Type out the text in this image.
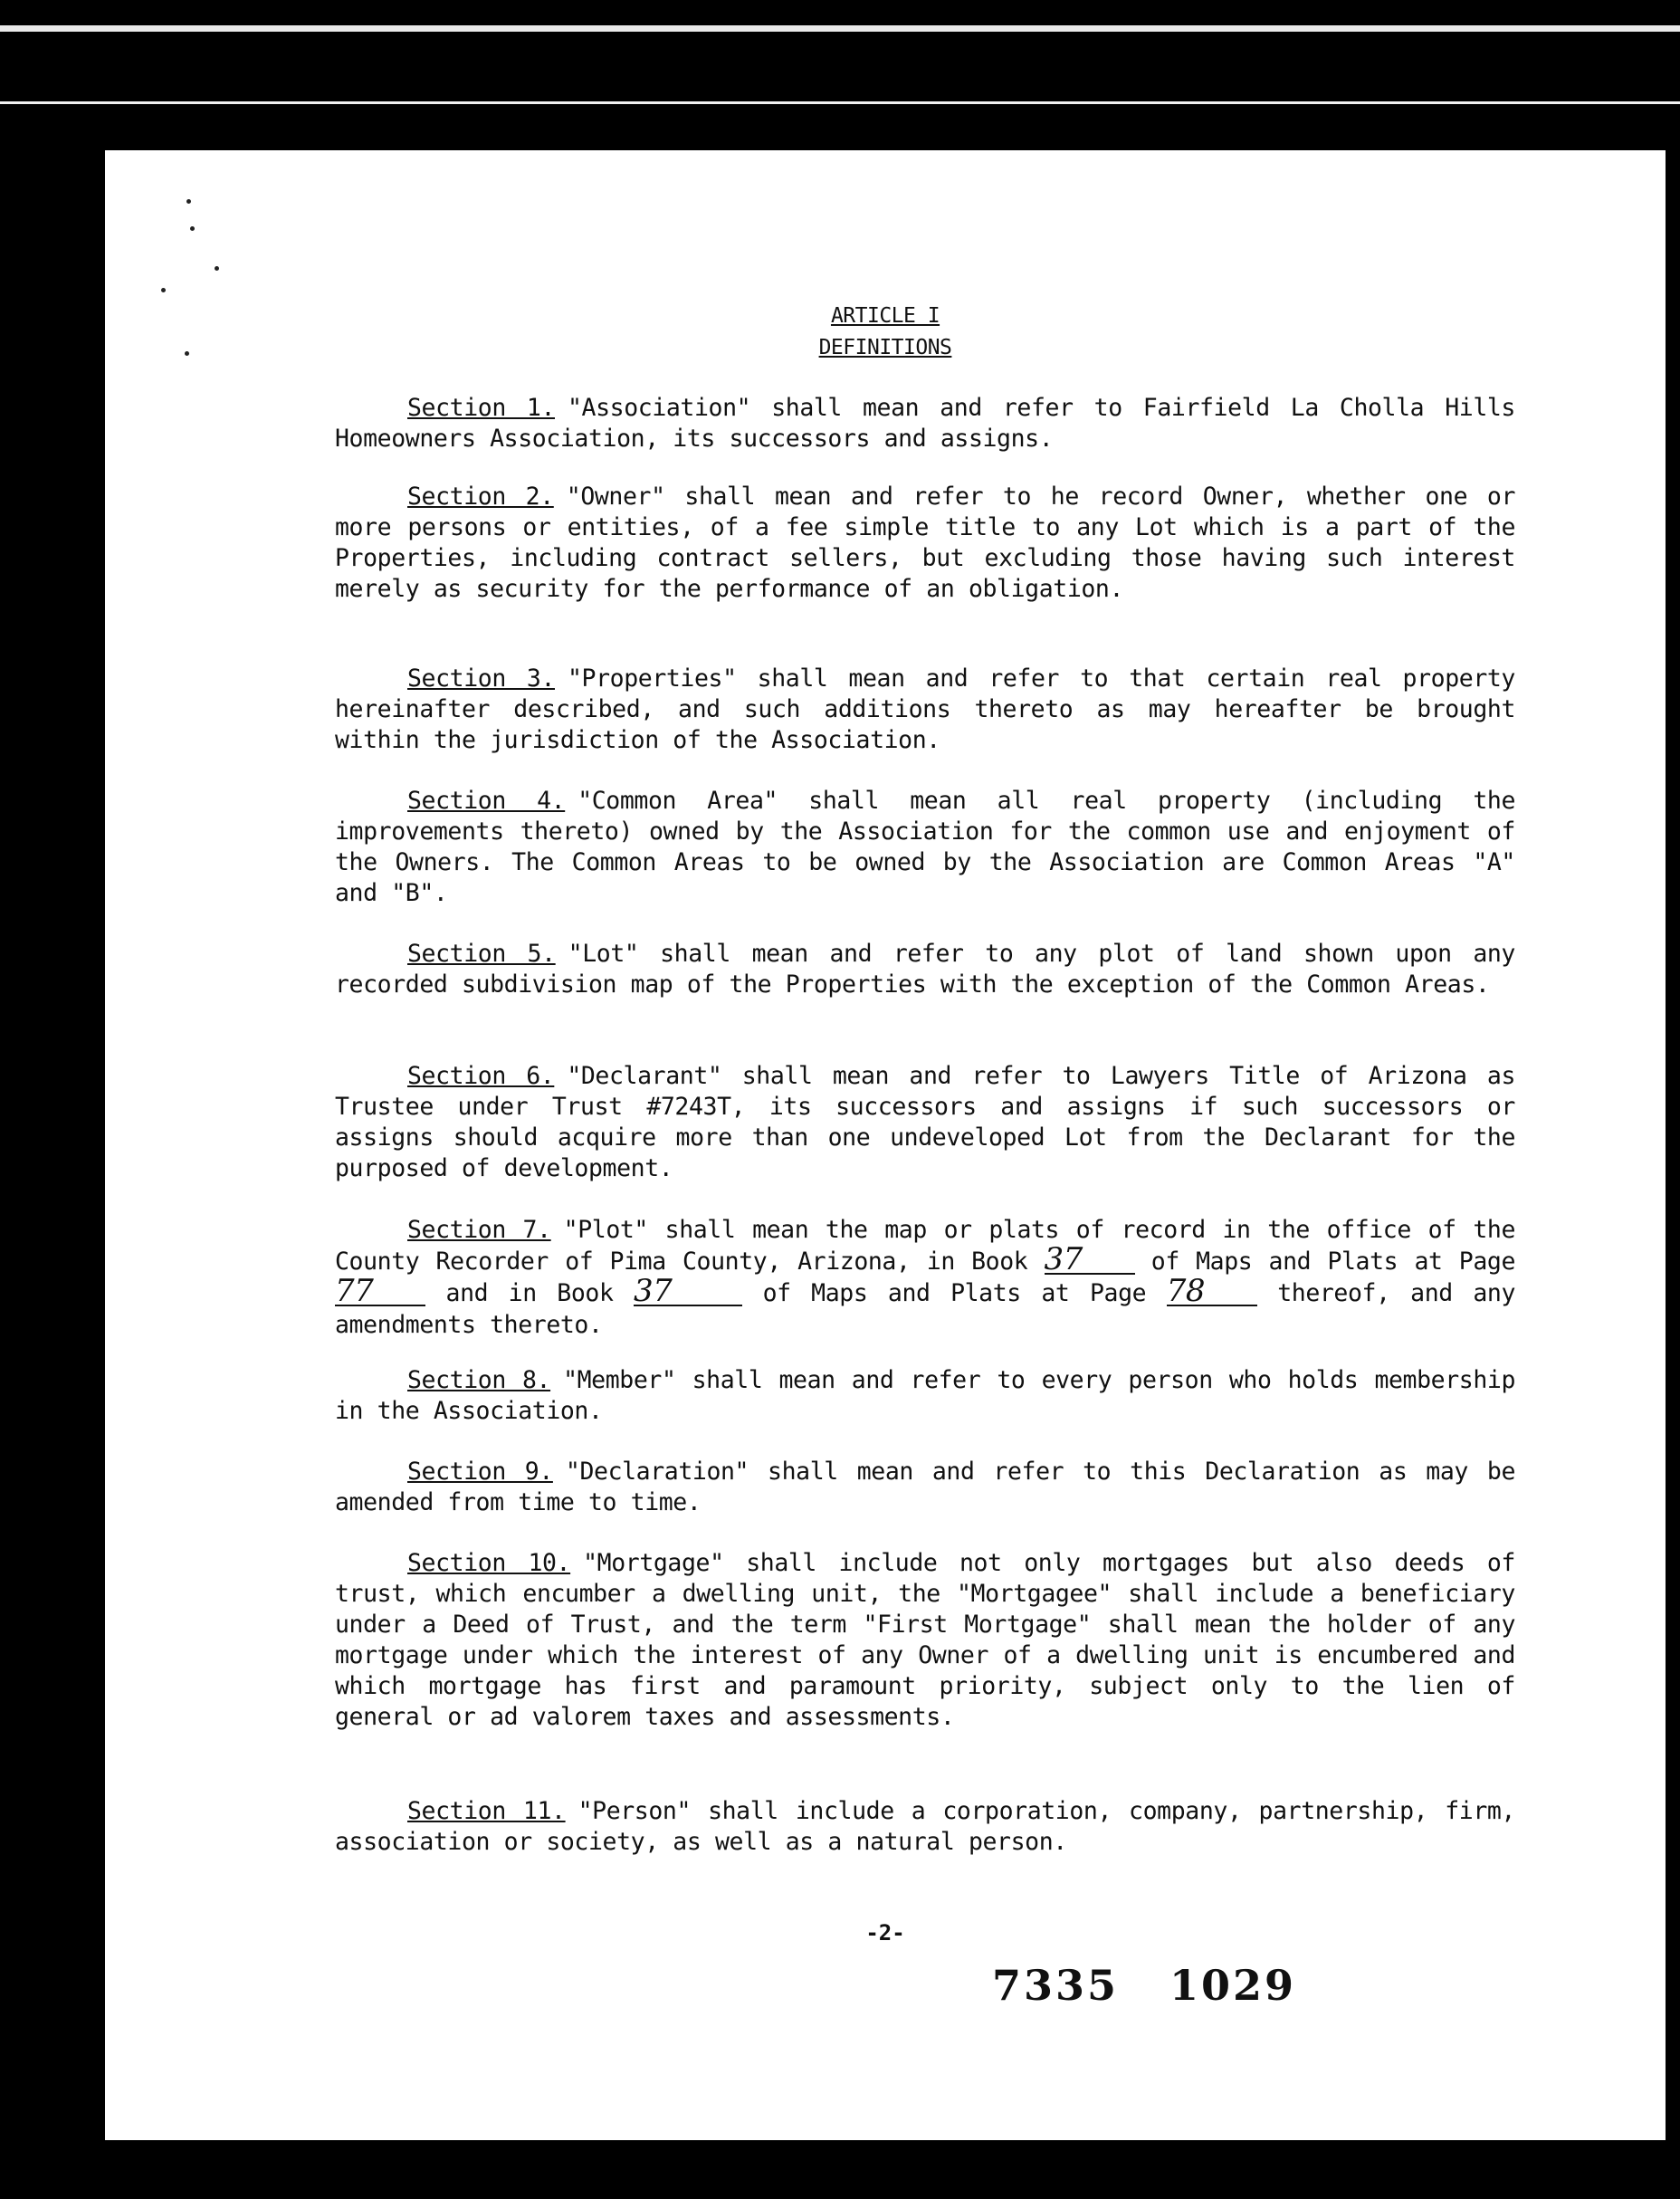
ARTICLE I
DEFINITIONS
Section 1. "Association" shall mean and refer to Fairfield La Cholla Hills Homeowners Association, its successors and assigns.
Section 2. "Owner" shall mean and refer to he record Owner, whether one or more persons or entities, of a fee simple title to any Lot which is a part of the Properties, including contract sellers, but excluding those having such interest merely as security for the performance of an obligation.
Section 3. "Properties" shall mean and refer to that certain real property hereinafter described, and such additions thereto as may hereafter be brought within the jurisdiction of the Association.
Section 4. "Common Area" shall mean all real property (including the improvements thereto) owned by the Association for the common use and enjoyment of the Owners. The Common Areas to be owned by the Association are Common Areas "A" and "B".
Section 5. "Lot" shall mean and refer to any plot of land shown upon any recorded subdivision map of the Properties with the exception of the Common Areas.
Section 6. "Declarant" shall mean and refer to Lawyers Title of Arizona as Trustee under Trust #7243T, its successors and assigns if such successors or assigns should acquire more than one undeveloped Lot from the Declarant for the purposed of development.
Section 7. "Plot" shall mean the map or plats of record in the office of the County Recorder of Pima County, Arizona, in Book 37	of Maps and Plats at Page 77	and in Book 37	of Maps and Plats at Page 78	thereof, and any amendments thereto.
Section 8. "Member" shall mean and refer to every person who holds membership in the Association.
Section 9. "Declaration" shall mean and refer to this Declaration as may be amended from time to time.
Section 10. "Mortgage" shall include not only mortgages but also deeds of trust, which encumber a dwelling unit, the "Mortgagee" shall include a beneficiary under a Deed of Trust, and the term "First Mortgage" shall mean the holder of any mortgage under which the interest of any Owner of a dwelling unit is encumbered and which mortgage has first and paramount priority, subject only to the lien of general or ad valorem taxes and assessments.
Section 11. "Person" shall include a corporation, company, partnership, firm, association or society, as well as a natural person.
-2-
7335 1029
